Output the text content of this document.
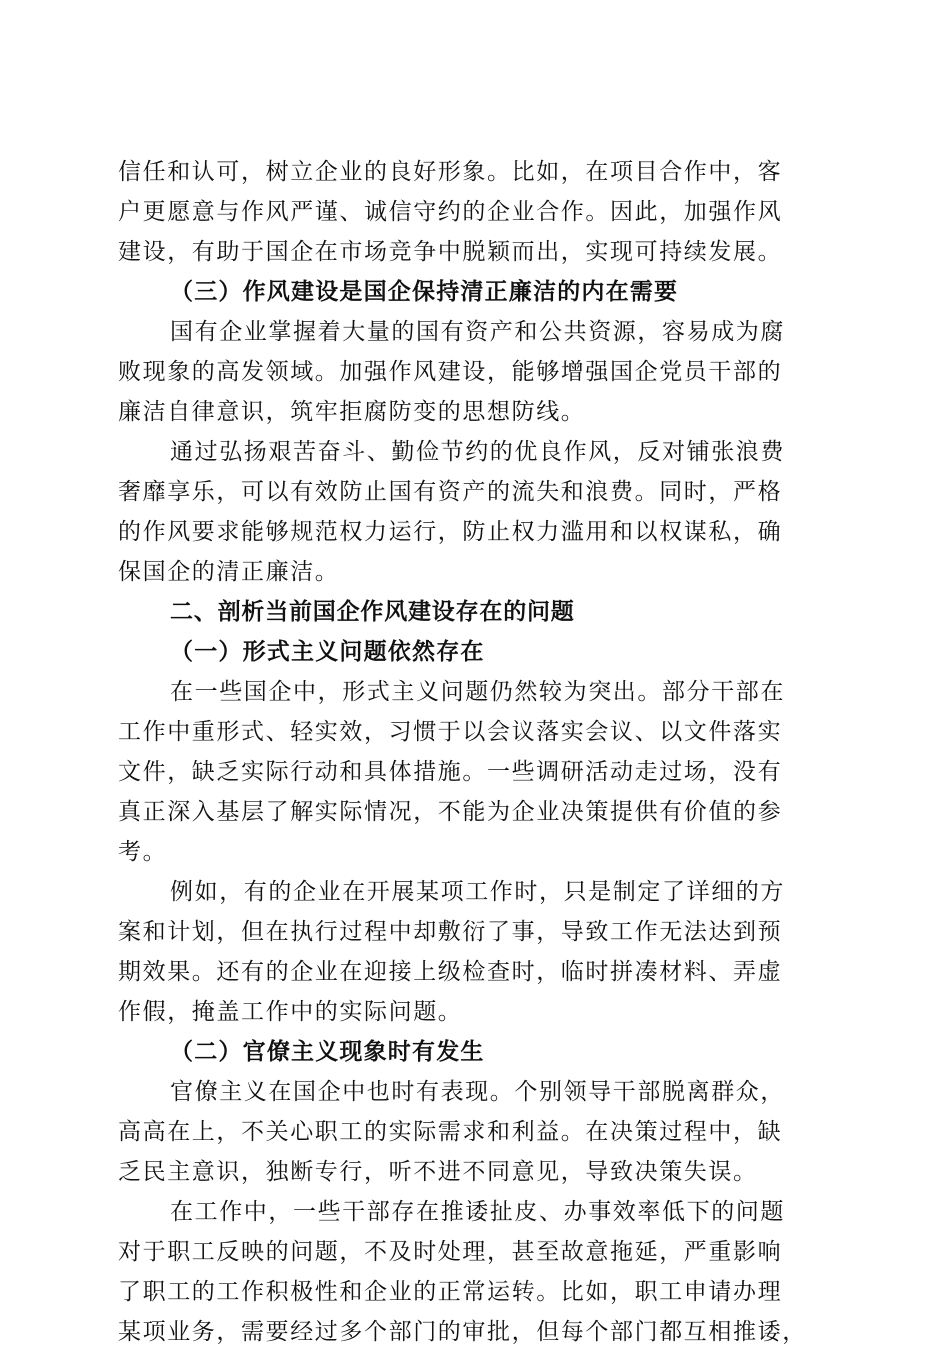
信任和认可，树立企业的良好形象。比如，在项目合作中，客
户更愿意与作风严谨、诚信守约的企业合作。因此，加强作风
建设，有助于国企在市场竞争中脱颖而出，实现可持续发展。
（三）作风建设是国企保持清正廉洁的内在需要
国有企业掌握着大量的国有资产和公共资源，容易成为腐
败现象的高发领域。加强作风建设，能够增强国企党员干部的
廉洁自律意识，筑牢拒腐防变的思想防线。
通过弘扬艰苦奋斗、勤俭节约的优良作风，反对铺张浪费
奢靡享乐，可以有效防止国有资产的流失和浪费。同时，严格
的作风要求能够规范权力运行，防止权力滥用和以权谋私，确
保国企的清正廉洁。
二、剖析当前国企作风建设存在的问题
（一）形式主义问题依然存在
在一些国企中，形式主义问题仍然较为突出。部分干部在
工作中重形式、轻实效，习惯于以会议落实会议、以文件落实
文件，缺乏实际行动和具体措施。一些调研活动走过场，没有
真正深入基层了解实际情况，不能为企业决策提供有价值的参
考。
例如，有的企业在开展某项工作时，只是制定了详细的方
案和计划，但在执行过程中却敷衍了事，导致工作无法达到预
期效果。还有的企业在迎接上级检查时，临时拼凑材料、弄虚
作假，掩盖工作中的实际问题。
（二）官僚主义现象时有发生
官僚主义在国企中也时有表现。个别领导干部脱离群众，
高高在上，不关心职工的实际需求和利益。在决策过程中，缺
乏民主意识，独断专行，听不进不同意见，导致决策失误。
在工作中，一些干部存在推诿扯皮、办事效率低下的问题
对于职工反映的问题，不及时处理，甚至故意拖延，严重影响
了职工的工作积极性和企业的正常运转。比如，职工申请办理
某项业务，需要经过多个部门的审批，但每个部门都互相推诿，
